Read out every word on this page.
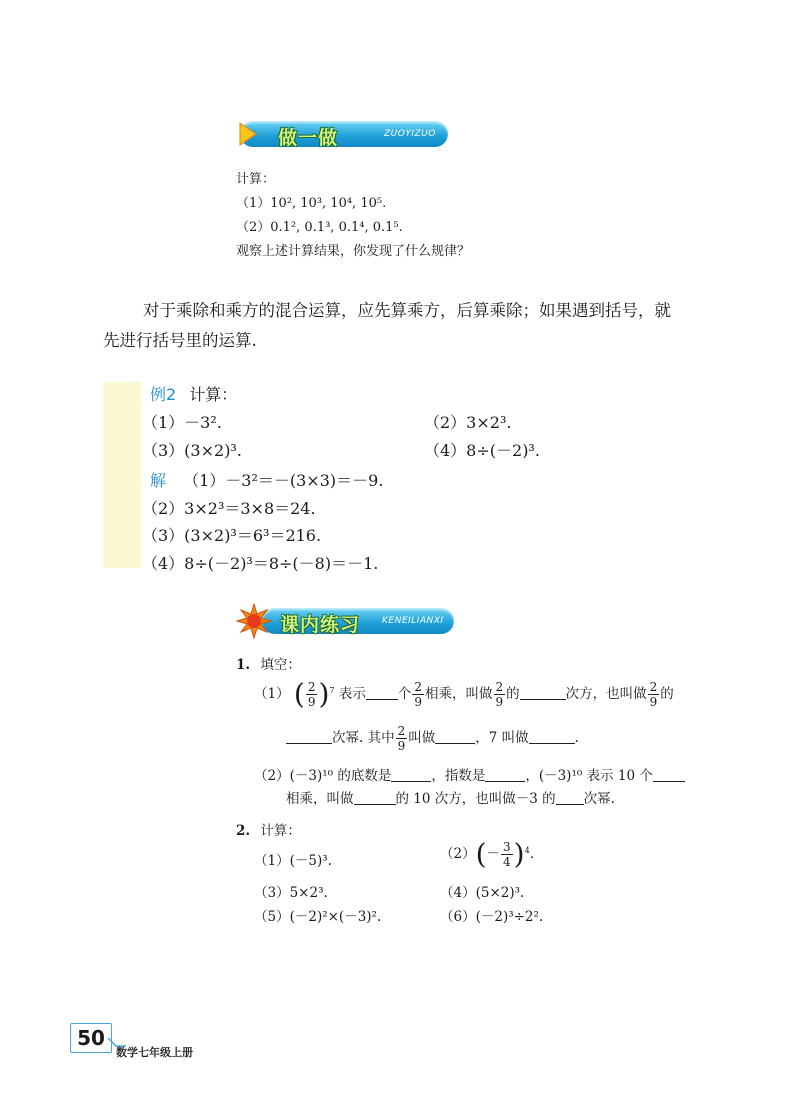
做一做	ZUOYIZUO
计算：
（1）10², 10³, 10⁴, 10⁵.
（2）0.1², 0.1³, 0.1⁴, 0.1⁵.
观察上述计算结果，你发现了什么规律？
对于乘除和乘方的混合运算，应先算乘方，后算乘除；如果遇到括号，就
先进行括号里的运算.
例2 计算：
（1）－3².	（2）3×2³.
（3）(3×2)³.	（4）8÷(－2)³.
解 （1）－3²＝－(3×3)＝－9.
（2）3×2³＝3×8＝24.
（3）(3×2)³＝6³＝216.
（4）8÷(－2)³＝8÷(－8)＝－1.
课内练习 KENEILIANXI
1. 填空：
（1） ( $\frac{2}{9} )^7$ 表示 个 $\frac{2}{9}$ 相乘，叫做 $\frac{2}{9}$ 的	次方，也叫做 $\frac{2}{9}$ 的
次幂. 其中 $\frac{2}{9}$ 叫做	，7 叫做	.
（2）(－3)¹⁰ 的底数是	，指数是	，(－3)¹⁰ 表示 10 个
相乘，叫做	的 10 次方，也叫做－3 的 次幂.
2. 计算：
（1）(－5)³.	$(2)(- \frac{3}{4} )^4$.
（3）5×2³.	（4）(5×2)³.
（5）(－2)²×(－3)².	（6）(－2)³÷2².
50
数学七年级上册
